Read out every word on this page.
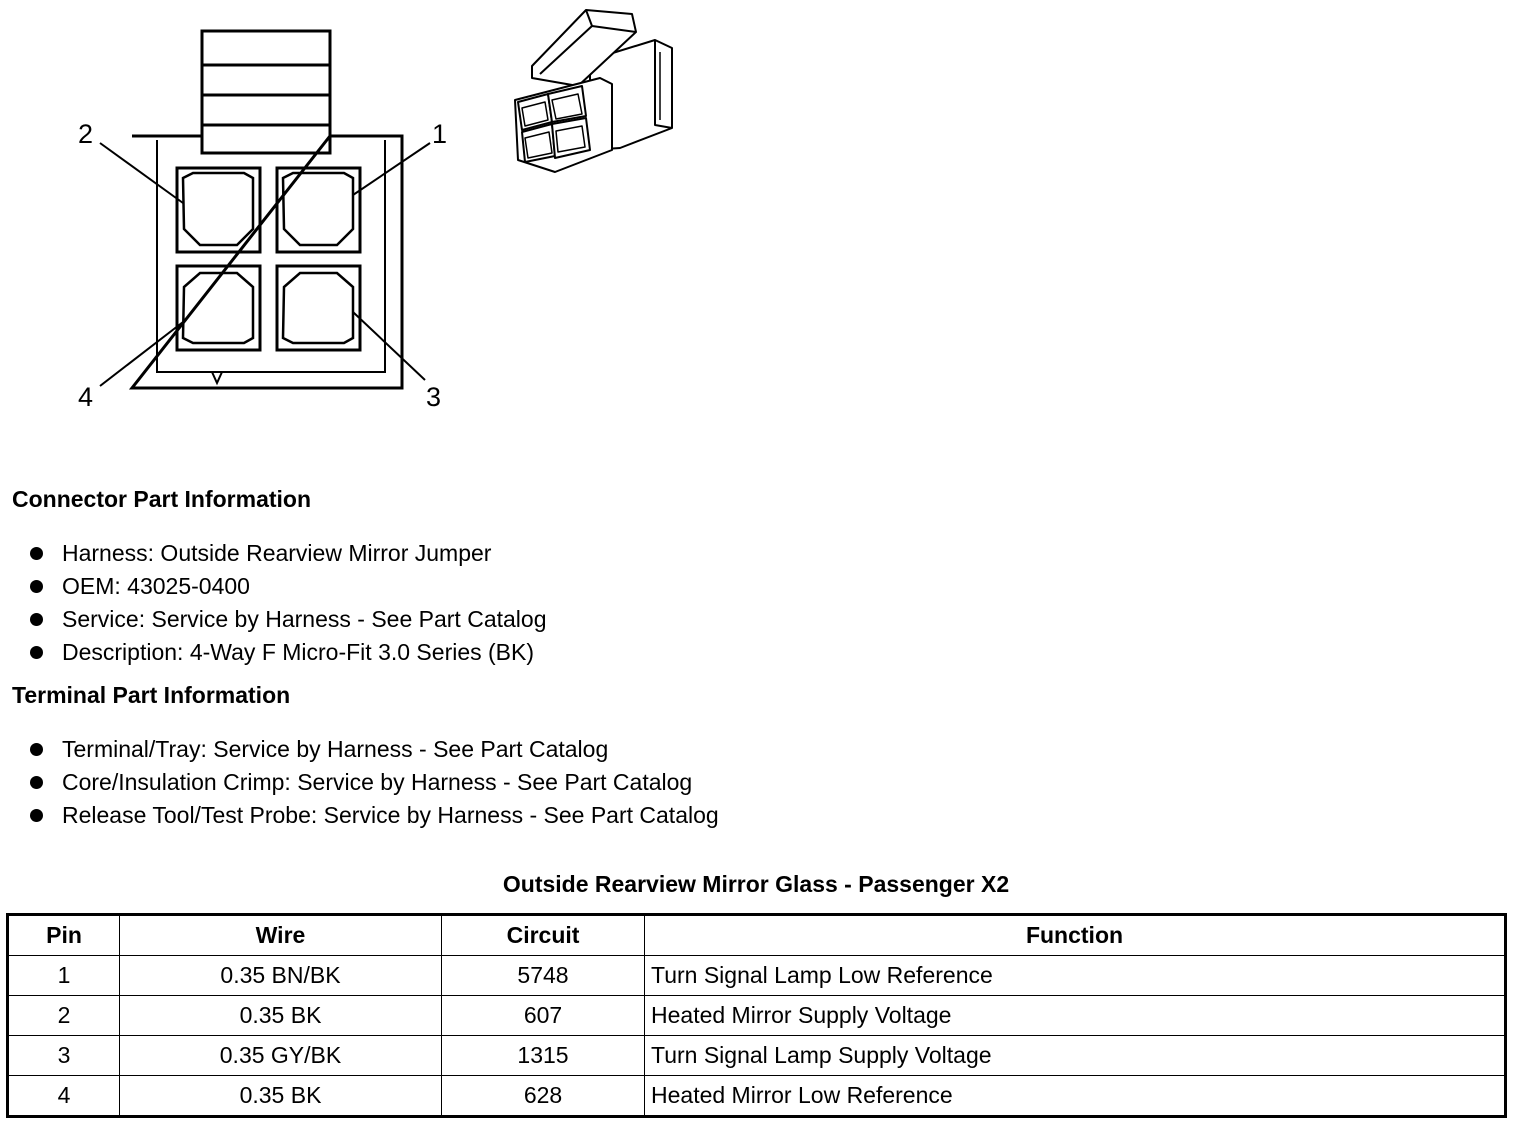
1
2
3
4
Connector Part Information
Harness: Outside Rearview Mirror Jumper
OEM: 43025-0400
Service: Service by Harness - See Part Catalog
Description: 4-Way F Micro-Fit 3.0 Series (BK)
Terminal Part Information
Terminal/Tray: Service by Harness - See Part Catalog
Core/Insulation Crimp: Service by Harness - See Part Catalog
Release Tool/Test Probe: Service by Harness - See Part Catalog
Outside Rearview Mirror Glass - Passenger X2
Pin	Wire	Circuit	Function
1	0.35 BN/BK	5748	Turn Signal Lamp Low Reference
2	0.35 BK	607	Heated Mirror Supply Voltage
3	0.35 GY/BK	1315	Turn Signal Lamp Supply Voltage
4	0.35 BK	628	Heated Mirror Low Reference
